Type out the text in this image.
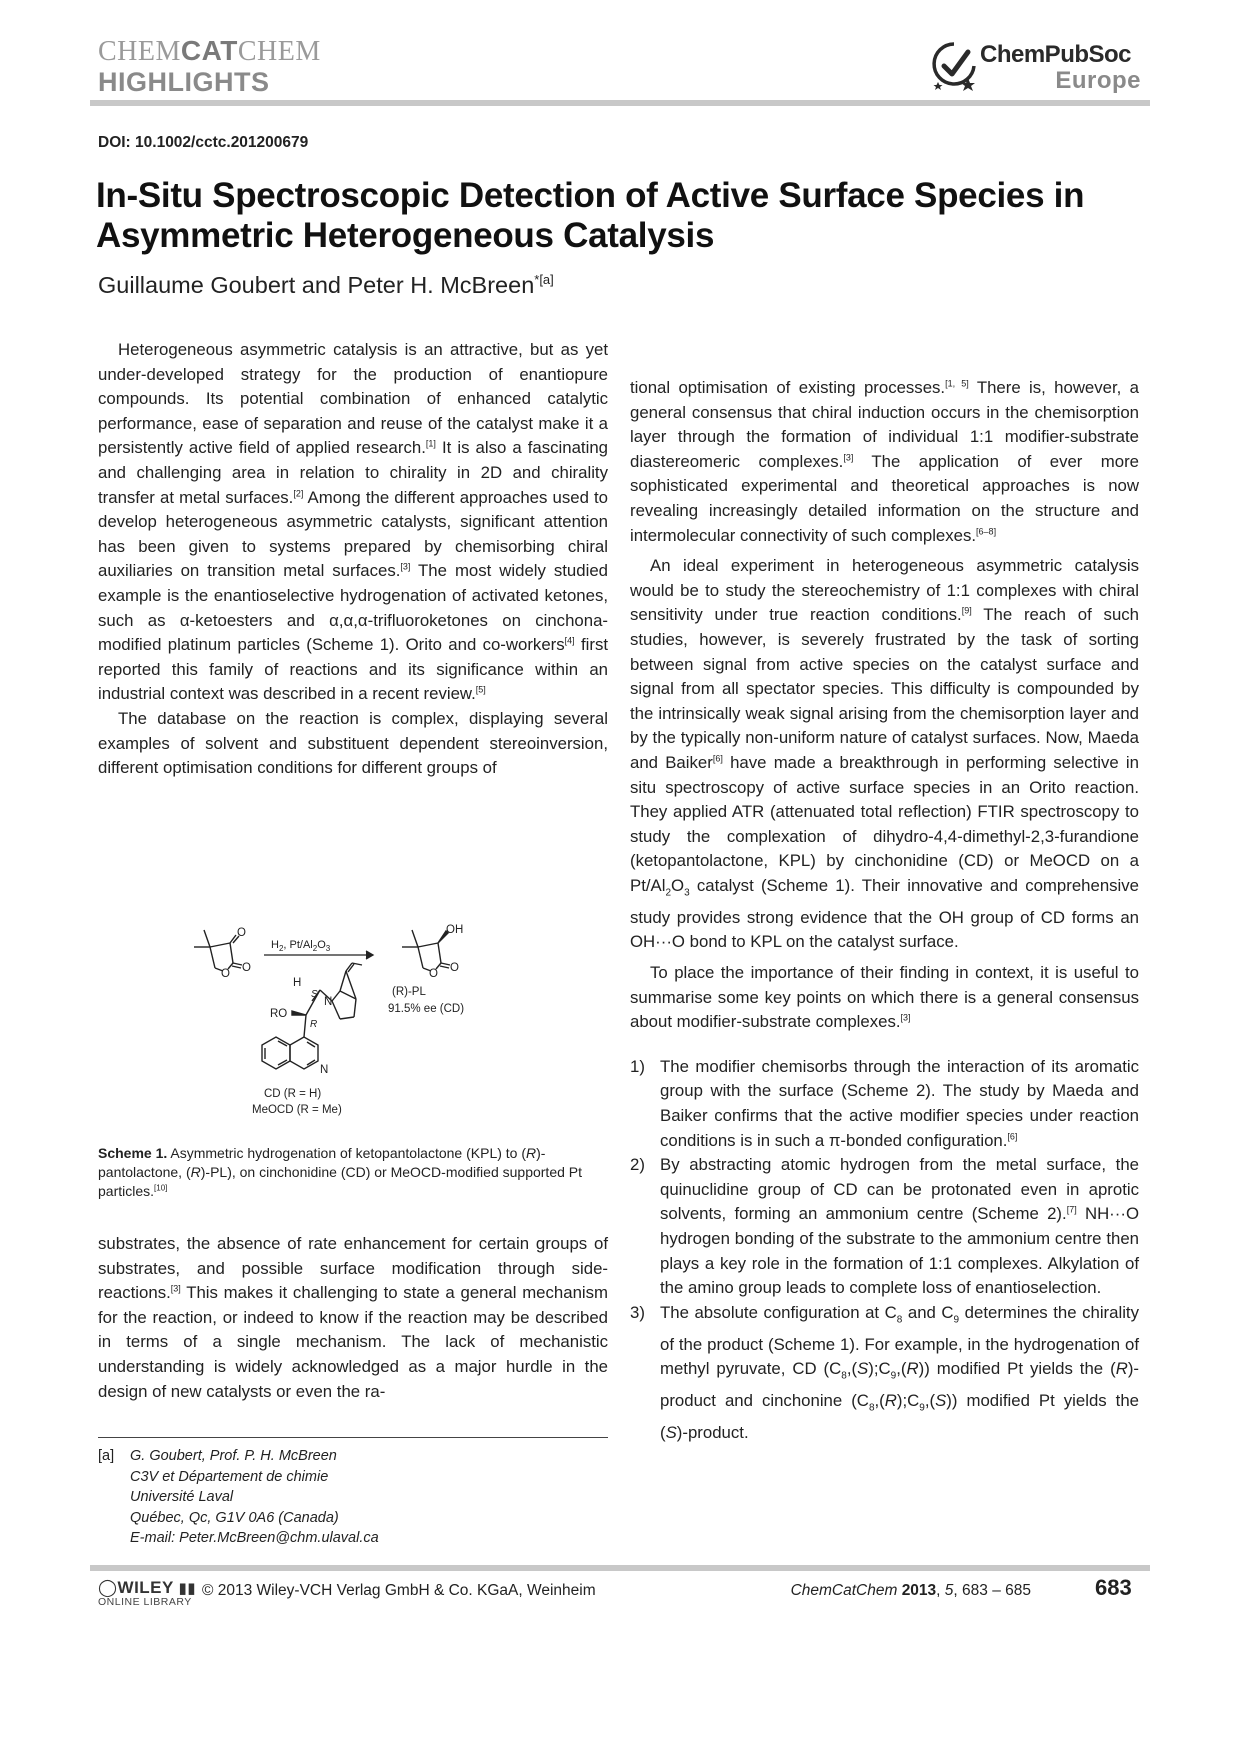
CHEMCATCHEM
HIGHLIGHTS
ChemPubSoc
Europe
DOI: 10.1002/cctc.201200679
In-Situ Spectroscopic Detection of Active Surface Species in Asymmetric Heterogeneous Catalysis
Guillaume Goubert and Peter H. McBreen$^{*[a]}$

Heterogeneous asymmetric catalysis is an attractive, but as yet under-developed strategy for the production of enantiopure compounds. Its potential combination of enhanced catalytic performance, ease of separation and reuse of the catalyst make it a persistently active field of applied research.[1] It is also a fascinating and challenging area in relation to chirality in 2D and chirality transfer at metal surfaces.[2] Among the different approaches used to develop heterogeneous asymmetric catalysts, significant attention has been given to systems prepared by chemisorbing chiral auxiliaries on transition metal surfaces.[3] The most widely studied example is the enantioselective hydrogenation of activated ketones, such as α-ketoesters and α,α,α-trifluoroketones on cinchona-modified platinum particles (Scheme 1). Orito and co-workers[4] first reported this family of reactions and its significance within an industrial context was described in a recent review.[5]

The database on the reaction is complex, displaying several examples of solvent and substituent dependent stereoinversion, different optimisation conditions for different groups of

O
O O
$H_2$, $Pt/Al_2O_3$
OH
O O
(R)-PL
91.5% ee (CD)
H
S
N
RO
R
N
CD (R = H)
MeOCD (R = Me)
Scheme 1. Asymmetric hydrogenation of ketopantolactone (KPL) to (R)-pantolactone, (R)-PL), on cinchonidine (CD) or MeOCD-modified supported Pt particles.[10]

substrates, the absence of rate enhancement for certain groups of substrates, and possible surface modification through side-reactions.[3] This makes it challenging to state a general mechanism for the reaction, or indeed to know if the reaction may be described in terms of a single mechanism. The lack of mechanistic understanding is widely acknowledged as a major hurdle in the design of new catalysts or even the ra-

[a] G. Goubert, Prof. P. H. McBreen
C3V et Département de chimie
Université Laval
Québec, Qc, G1V 0A6 (Canada)
E-mail: Peter.McBreen@chm.ulaval.ca

tional optimisation of existing processes.[1, 5] There is, however, a general consensus that chiral induction occurs in the chemisorption layer through the formation of individual 1:1 modifier-substrate diastereomeric complexes.[3] The application of ever more sophisticated experimental and theoretical approaches is now revealing increasingly detailed information on the structure and intermolecular connectivity of such complexes.[6–8]

An ideal experiment in heterogeneous asymmetric catalysis would be to study the stereochemistry of 1:1 complexes with chiral sensitivity under true reaction conditions.[9] The reach of such studies, however, is severely frustrated by the task of sorting between signal from active species on the catalyst surface and signal from all spectator species. This difficulty is compounded by the intrinsically weak signal arising from the chemisorption layer and by the typically non-uniform nature of catalyst surfaces. Now, Maeda and Baiker[6] have made a breakthrough in performing selective in situ spectroscopy of active surface species in an Orito reaction. They applied ATR (attenuated total reflection) FTIR spectroscopy to study the complexation of dihydro-4,4-dimethyl-2,3-furandione (ketopantolactone, KPL) by cinchonidine (CD) or MeOCD on a $Pt/Al_2O_3$ catalyst (Scheme 1). Their innovative and comprehensive study provides strong evidence that the OH group of CD forms an OH···O bond to KPL on the catalyst surface.

To place the importance of their finding in context, it is useful to summarise some key points on which there is a general consensus about modifier-substrate complexes.[3]

1) The modifier chemisorbs through the interaction of its aromatic group with the surface (Scheme 2). The study by Maeda and Baiker confirms that the active modifier species under reaction conditions is in such a π-bonded configuration.[6]
2) By abstracting atomic hydrogen from the metal surface, the quinuclidine group of CD can be protonated even in aprotic solvents, forming an ammonium centre (Scheme 2).[7] NH···O hydrogen bonding of the substrate to the ammonium centre then plays a key role in the formation of 1:1 complexes. Alkylation of the amino group leads to complete loss of enantioselection.
3) The absolute configuration at $C_8$ and $C_9$ determines the chirality of the product (Scheme 1). For example, in the hydrogenation of methyl pyruvate, CD $(C_8,(S);C_9,(R))$ modified Pt yields the (R)-product and cinchonine $(C_8,(R);C_9,(S))$ modified Pt yields the (S)-product.
◯WILEY ▮▮
ONLINE LIBRARY
© 2013 Wiley-VCH Verlag GmbH & Co. KGaA, Weinheim	ChemCatChem 2013, 5, 683 – 685	683
